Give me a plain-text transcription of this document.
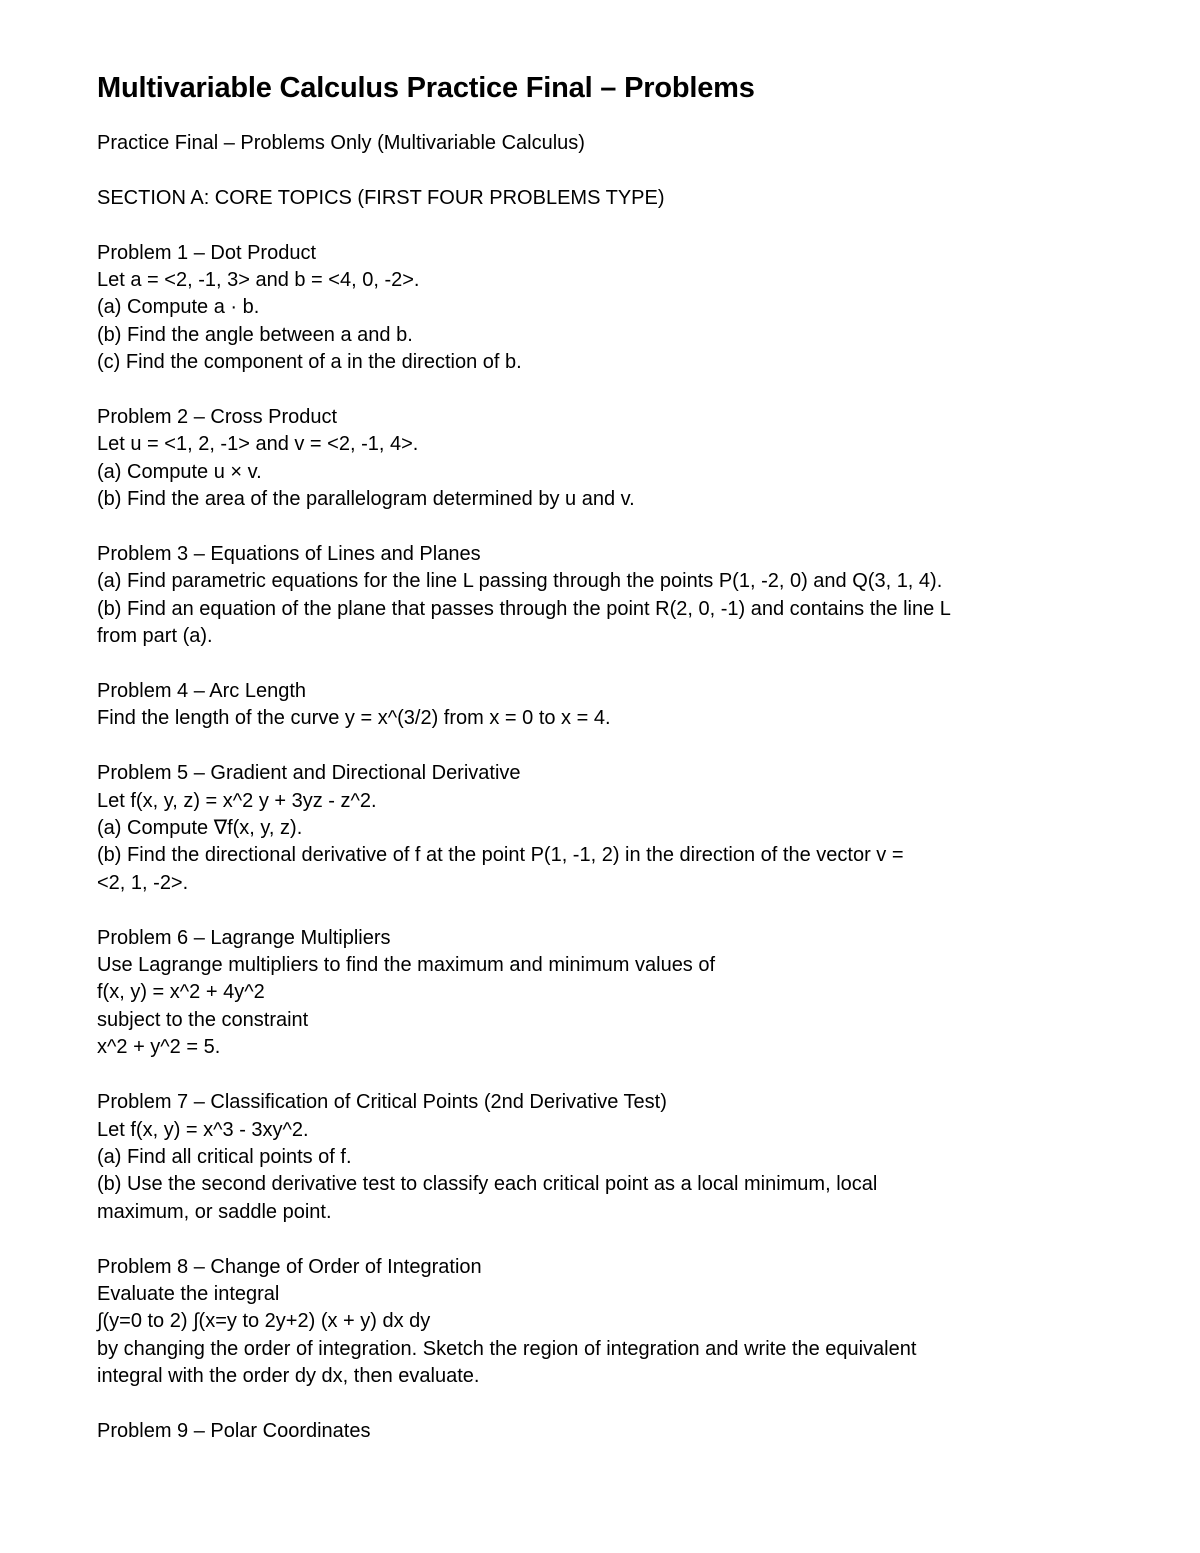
Multivariable Calculus Practice Final – Problems
Practice Final – Problems Only (Multivariable Calculus)
SECTION A: CORE TOPICS (FIRST FOUR PROBLEMS TYPE)
Problem 1 – Dot Product
Let a = <2, -1, 3> and b = <4, 0, -2>.
(a) Compute a · b.
(b) Find the angle between a and b.
(c) Find the component of a in the direction of b.
Problem 2 – Cross Product
Let u = <1, 2, -1> and v = <2, -1, 4>.
(a) Compute u × v.
(b) Find the area of the parallelogram determined by u and v.
Problem 3 – Equations of Lines and Planes
(a) Find parametric equations for the line L passing through the points P(1, -2, 0) and Q(3, 1, 4).
(b) Find an equation of the plane that passes through the point R(2, 0, -1) and contains the line L
from part (a).
Problem 4 – Arc Length
Find the length of the curve y = x^(3/2) from x = 0 to x = 4.
Problem 5 – Gradient and Directional Derivative
Let f(x, y, z) = x^2 y + 3yz - z^2.
(a) Compute ∇f(x, y, z).
(b) Find the directional derivative of f at the point P(1, -1, 2) in the direction of the vector v =
<2, 1, -2>.
Problem 6 – Lagrange Multipliers
Use Lagrange multipliers to find the maximum and minimum values of
f(x, y) = x^2 + 4y^2
subject to the constraint
x^2 + y^2 = 5.
Problem 7 – Classification of Critical Points (2nd Derivative Test)
Let f(x, y) = x^3 - 3xy^2.
(a) Find all critical points of f.
(b) Use the second derivative test to classify each critical point as a local minimum, local
maximum, or saddle point.
Problem 8 – Change of Order of Integration
Evaluate the integral
∫(y=0 to 2) ∫(x=y to 2y+2) (x + y) dx dy
by changing the order of integration. Sketch the region of integration and write the equivalent
integral with the order dy dx, then evaluate.
Problem 9 – Polar Coordinates
